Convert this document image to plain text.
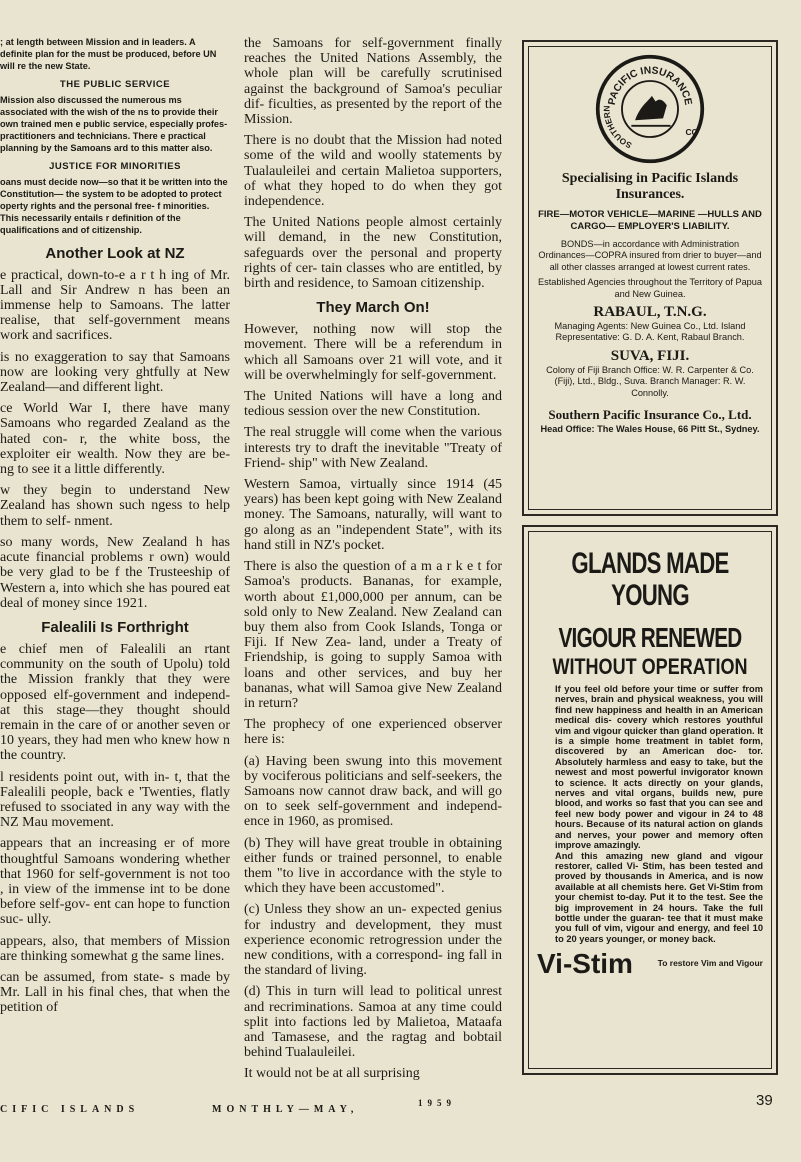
; at length between Mission and in leaders. A definite plan for the must be produced, before UN will re the new State.

THE PUBLIC SERVICE

Mission also discussed the numerous ms associated with the wish of the ns to provide their own trained men e public service, especially profes- practitioners and technicians. There e practical planning by the Samoans ard to this matter also.

JUSTICE FOR MINORITIES

oans must decide now—so that it be written into the Constitution— the system to be adopted to protect operty rights and the personal free- f minorities. This necessarily entails r definition of the qualifications and of citizenship.

Another Look at NZ

e practical, down-to-e a r t h ing of Mr. Lall and Sir Andrew n has been an immense help to Samoans. The latter realise, that self-government means work and sacrifices.

is no exaggeration to say that Samoans now are looking very ghtfully at New Zealand—and different light.

ce World War I, there have many Samoans who regarded Zealand as the hated con- r, the white boss, the exploiter eir wealth. Now they are be- ng to see it a little differently.

w they begin to understand New Zealand has shown such ngess to help them to self- nment.

so many words, New Zealand h has acute financial problems r own) would be very glad to be f the Trusteeship of Western a, into which she has poured eat deal of money since 1921.

Falealili Is Forthright

e chief men of Falealili an rtant community on the south of Upolu) told the Mission frankly that they were opposed elf-government and independ- at this stage—they thought should remain in the care of or another seven or 10 years, they had men who knew how n the country.

l residents point out, with in- t, that the Falealili people, back e 'Twenties, flatly refused to ssociated in any way with the NZ Mau movement.

appears that an increasing er of more thoughtful Samoans wondering whether that 1960 for self-government is not too , in view of the immense int to be done before self-gov- ent can hope to function suc- ully.

appears, also, that members of Mission are thinking somewhat g the same lines.

can be assumed, from state- s made by Mr. Lall in his final ches, that when the petition of

the Samoans for self-government finally reaches the United Nations Assembly, the whole plan will be carefully scrutinised against the background of Samoa's peculiar dif- ficulties, as presented by the report of the Mission.

There is no doubt that the Mission had noted some of the wild and woolly statements by Tualauleilei and certain Malietoa supporters, of what they hoped to do when they got independence.

The United Nations people almost certainly will demand, in the new Constitution, safeguards over the personal and property rights of cer- tain classes who are entitled, by birth and residence, to Samoan citizenship.

They March On!

However, nothing now will stop the movement. There will be a referendum in which all Samoans over 21 will vote, and it will be overwhelmingly for self-government.

The United Nations will have a long and tedious session over the new Constitution.

The real struggle will come when the various interests try to draft the inevitable "Treaty of Friend- ship" with New Zealand.

Western Samoa, virtually since 1914 (45 years) has been kept going with New Zealand money. The Samoans, naturally, will want to go along as an "independent State", with its hand still in NZ's pocket.

There is also the question of a m a r k e t for Samoa's products. Bananas, for example, worth about £1,000,000 per annum, can be sold only to New Zealand. New Zealand can buy them also from Cook Islands, Tonga or Fiji. If New Zea- land, under a Treaty of Friendship, is going to supply Samoa with loans and other services, and buy her bananas, what will Samoa give New Zealand in return?

The prophecy of one experienced observer here is:

(a) Having been swung into this movement by vociferous politicians and self-seekers, the Samoans now cannot draw back, and will go on to seek self-government and independ- ence in 1960, as promised.

(b) They will have great trouble in obtaining either funds or trained personnel, to enable them "to live in accordance with the style to which they have been accustomed".

(c) Unless they show an un- expected genius for industry and development, they must experience economic retrogression under the new conditions, with a correspond- ing fall in the standard of living.

(d) This in turn will lead to political unrest and recriminations. Samoa at any time could split into factions led by Malietoa, Mataafa and Tamasese, and the ragtag and bobtail behind Tualauleilei.

It would not be at all surprising

PACIFIC INSURANCE
SOUTHERN
CO
Specialising in Pacific Islands Insurances.
FIRE—MOTOR VEHICLE—MARINE —HULLS AND CARGO— EMPLOYER'S LIABILITY.
BONDS—in accordance with Administration Ordinances—COPRA insured from drier to buyer—and all other classes arranged at lowest current rates.
Established Agencies throughout the Territory of Papua and New Guinea.
RABAUL, T.N.G.
Managing Agents: New Guinea Co., Ltd. Island Representative: G. D. A. Kent, Rabaul Branch.
SUVA, FIJI.
Colony of Fiji Branch Office: W. R. Carpenter & Co. (Fiji), Ltd., Bldg., Suva. Branch Manager: R. W. Connolly.
Southern Pacific Insurance Co., Ltd.
Head Office: The Wales House, 66 Pitt St., Sydney.
GLANDS MADE YOUNG
VIGOUR RENEWED
WITHOUT OPERATION

If you feel old before your time or suffer from nerves, brain and physical weakness, you will find new happiness and health in an American medical dis- covery which restores youthful vim and vigour quicker than gland operation. It is a simple home treatment in tablet form, discovered by an American doc- tor. Absolutely harmless and easy to take, but the newest and most powerful invigorator known to science. It acts directly on your glands, nerves and vital organs, builds new, pure blood, and works so fast that you can see and feel new body power and vigour in 24 to 48 hours. Because of its natural action on glands and nerves, your power and memory often improve amazingly.

And this amazing new gland and vigour restorer, called Vi- Stim, has been tested and proved by thousands in America, and is now available at all chemists here. Get Vi-Stim from your chemist to-day. Put it to the test. See the big improvement in 24 hours. Take the full bottle under the guaran- tee that it must make you full of vim, vigour and energy, and feel 10 to 20 years younger, or money back.

Vi-Stim	To restore Vim and Vigour
CIFIC ISLANDS	MONTHLY—MAY,
1959	39
